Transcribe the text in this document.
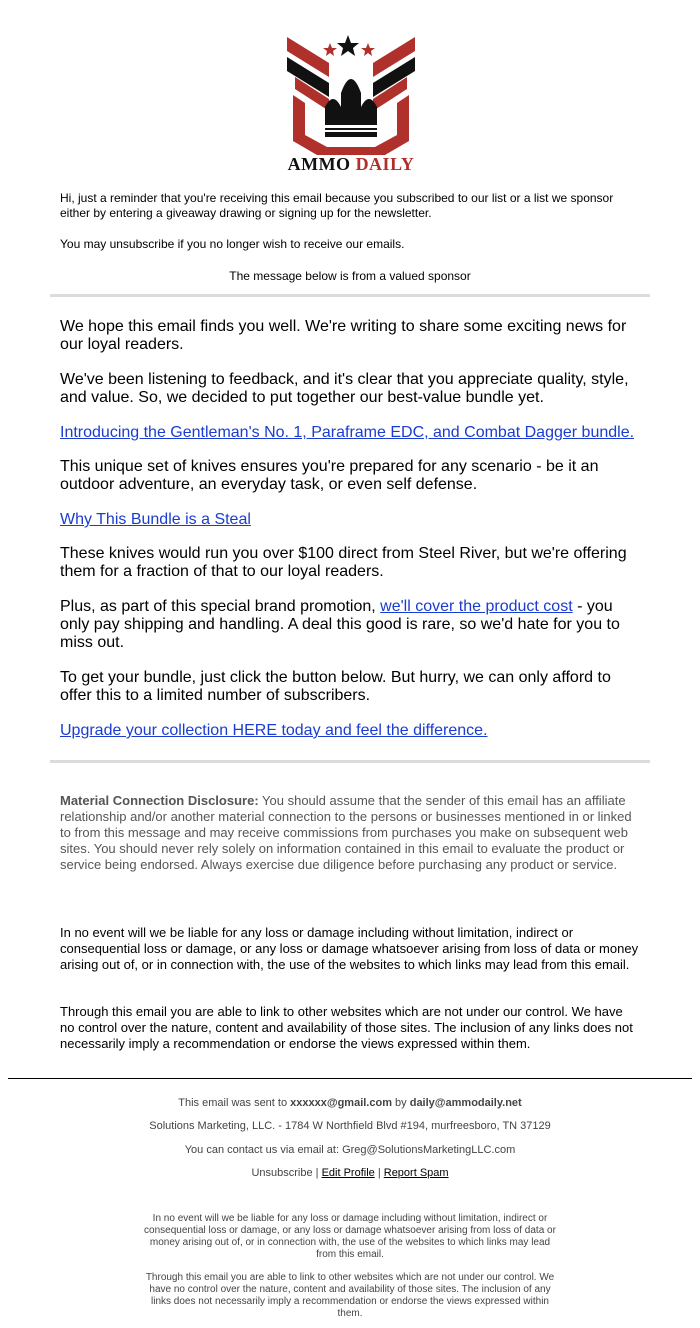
AMMO DAILY
Hi, just a reminder that you're receiving this email because you subscribed to our list or a list we sponsor either by entering a giveaway drawing or signing up for the newsletter.
You may unsubscribe if you no longer wish to receive our emails.
The message below is from a valued sponsor
We hope this email finds you well. We're writing to share some exciting news for our loyal readers.
We've been listening to feedback, and it's clear that you appreciate quality, style, and value. So, we decided to put together our best-value bundle yet.
Introducing the Gentleman's No. 1, Paraframe EDC, and Combat Dagger bundle.
This unique set of knives ensures you're prepared for any scenario - be it an outdoor adventure, an everyday task, or even self defense.
Why This Bundle is a Steal
These knives would run you over $100 direct from Steel River, but we're offering them for a fraction of that to our loyal readers.
Plus, as part of this special brand promotion, we'll cover the product cost - you only pay shipping and handling. A deal this good is rare, so we'd hate for you to miss out.
To get your bundle, just click the button below. But hurry, we can only afford to offer this to a limited number of subscribers.
Upgrade your collection HERE today and feel the difference.
Material Connection Disclosure: You should assume that the sender of this email has an affiliate relationship and/or another material connection to the persons or businesses mentioned in or linked to from this message and may receive commissions from purchases you make on subsequent web sites. You should never rely solely on information contained in this email to evaluate the product or service being endorsed. Always exercise due diligence before purchasing any product or service.
In no event will we be liable for any loss or damage including without limitation, indirect or consequential loss or damage, or any loss or damage whatsoever arising from loss of data or money arising out of, or in connection with, the use of the websites to which links may lead from this email.
Through this email you are able to link to other websites which are not under our control. We have no control over the nature, content and availability of those sites. The inclusion of any links does not necessarily imply a recommendation or endorse the views expressed within them.
This email was sent to xxxxxx@gmail.com by daily@ammodaily.net
Solutions Marketing, LLC. - 1784 W Northfield Blvd #194, murfreesboro, TN 37129
You can contact us via email at: Greg@SolutionsMarketingLLC.com
Unsubscribe | Edit Profile | Report Spam
In no event will we be liable for any loss or damage including without limitation, indirect or consequential loss or damage, or any loss or damage whatsoever arising from loss of data or money arising out of, or in connection with, the use of the websites to which links may lead from this email.
Through this email you are able to link to other websites which are not under our control. We have no control over the nature, content and availability of those sites. The inclusion of any links does not necessarily imply a recommendation or endorse the views expressed within them.
